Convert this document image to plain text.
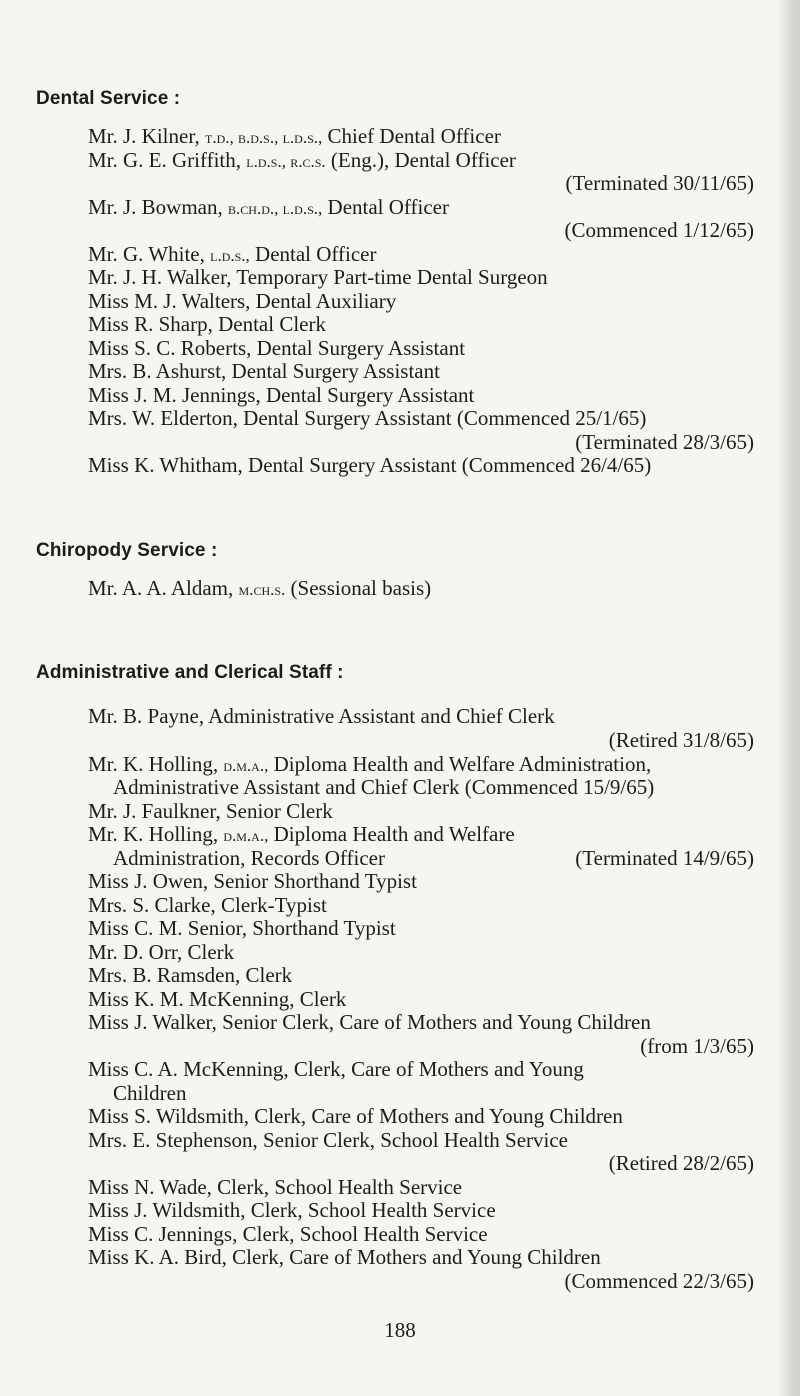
Dental Service :
Mr. J. Kilner, t.d., b.d.s., l.d.s., Chief Dental Officer
Mr. G. E. Griffith, l.d.s., r.c.s. (Eng.), Dental Officer
(Terminated 30/11/65)
Mr. J. Bowman, b.ch.d., l.d.s., Dental Officer
(Commenced 1/12/65)
Mr. G. White, l.d.s., Dental Officer
Mr. J. H. Walker, Temporary Part-time Dental Surgeon
Miss M. J. Walters, Dental Auxiliary
Miss R. Sharp, Dental Clerk
Miss S. C. Roberts, Dental Surgery Assistant
Mrs. B. Ashurst, Dental Surgery Assistant
Miss J. M. Jennings, Dental Surgery Assistant
Mrs. W. Elderton, Dental Surgery Assistant (Commenced 25/1/65)
(Terminated 28/3/65)
Miss K. Whitham, Dental Surgery Assistant (Commenced 26/4/65)
Chiropody Service :
Mr. A. A. Aldam, m.ch.s. (Sessional basis)
Administrative and Clerical Staff :
Mr. B. Payne, Administrative Assistant and Chief Clerk
(Retired 31/8/65)
Mr. K. Holling, d.m.a., Diploma Health and Welfare Administration,
Administrative Assistant and Chief Clerk (Commenced 15/9/65)
Mr. J. Faulkner, Senior Clerk
Mr. K. Holling, d.m.a., Diploma Health and Welfare
Administration, Records Officer	(Terminated 14/9/65)
Miss J. Owen, Senior Shorthand Typist
Mrs. S. Clarke, Clerk-Typist
Miss C. M. Senior, Shorthand Typist
Mr. D. Orr, Clerk
Mrs. B. Ramsden, Clerk
Miss K. M. McKenning, Clerk
Miss J. Walker, Senior Clerk, Care of Mothers and Young Children
(from 1/3/65)
Miss C. A. McKenning, Clerk, Care of Mothers and Young
Children
Miss S. Wildsmith, Clerk, Care of Mothers and Young Children
Mrs. E. Stephenson, Senior Clerk, School Health Service
(Retired 28/2/65)
Miss N. Wade, Clerk, School Health Service
Miss J. Wildsmith, Clerk, School Health Service
Miss C. Jennings, Clerk, School Health Service
Miss K. A. Bird, Clerk, Care of Mothers and Young Children
(Commenced 22/3/65)
188
